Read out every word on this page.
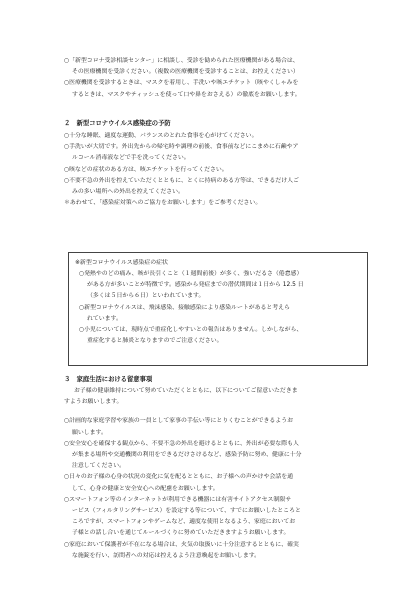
○「新型コロナ受診相談センター」に相談し、受診を勧められた医療機関がある場合は、
その医療機関を受診ください。（複数の医療機関を受診することは、お控えください）
○医療機関を受診するときは、マスクを着用し、手洗いや咳エチケット（咳やくしゃみを
するときは、マスクやティッシュを使って口や鼻をおさえる）の徹底をお願いします。
２　新型コロナウイルス感染症の予防
○十分な睡眠、適度な運動、バランスのとれた食事を心がけてください。
○手洗いが大切です。外出先からの帰宅時や調理の前後、食事前などにこまめに石鹸やア
ルコール消毒液などで手を洗ってください。
○咳などの症状のある方は、咳エチケットを行ってください。
○不要不急の外出を控えていただくとともに、とくに持病のある方等は、できるだけ人ご
みの多い場所への外出を控えてください。
＊あわせて、「感染症対策へのご協力をお願いします」をご参考ください。
※新型コロナウイルス感染症の症状
○発熱やのどの痛み、咳が長引くこと（１週間前後）が多く、強いだるさ（倦怠感）
がある方が多いことが特徴です。感染から発症までの潜伏期間は１日から 12.5 日
（多くは５日から６日）といわれています。
○新型コロナウイルスは、飛沫感染、接触感染により感染ルートがあると考えら
れています。
○小児については、現時点で重症化しやすいとの報告はありません。しかしながら、
重症化すると肺炎となりますのでご注意ください。
３　家庭生活における留意事項
お子様の健康維持について努めていただくとともに、以下についてご留意いただきま
すようお願いします。
○計画的な家庭学習や家族の一員として家事の手伝い等にとりくむことができるようお
願いします。
○安全安心を確保する観点から、不要不急の外出を避けるとともに、外出が必要な際も人
が集まる場所や交通機関の利用をできるだけさけるなど、感染予防に努め、健康に十分
注意してください。
○日々のお子様の心身の状況の変化に気を配るとともに、お子様への声かけや会話を通
して、心身の健康と安全安心への配慮をお願いします。
○スマートフォン等のインターネットが利用できる機器には有害サイトアクセス制限サ
ービス（フィルタリングサービス）を設定する等について、すでにお願いしたところと
ころですが、スマートフォンやゲームなど、適度な使用となるよう、家庭においてお
子様との話し合いを通じてルールづくりに努めていただきますようお願いします。
○家庭において保護者が不在になる場合は、火気の取扱いに十分注意するとともに、確実
な施錠を行い、訪問者への対応は控えるよう注意喚起をお願いします。
